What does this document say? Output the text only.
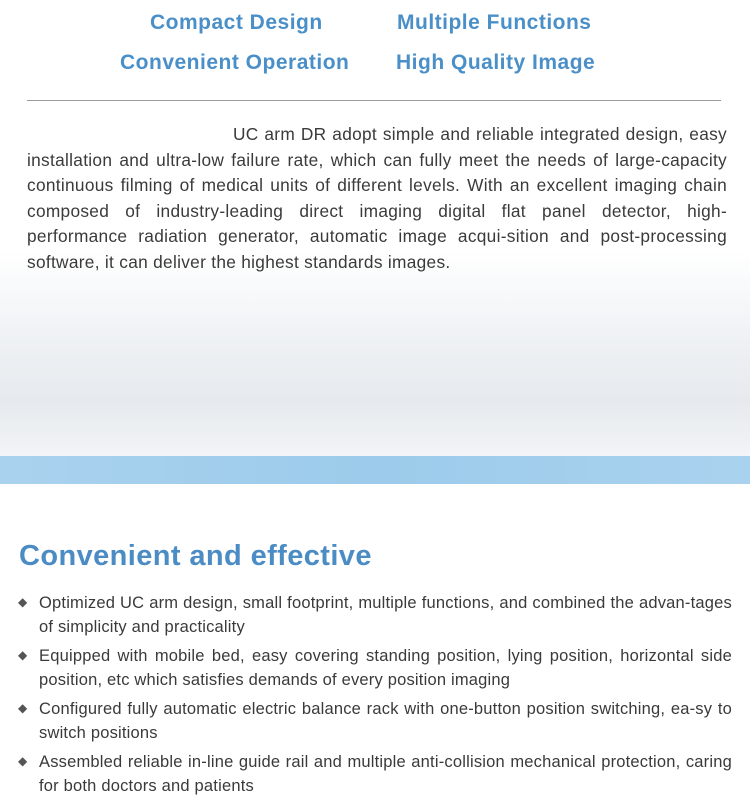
Compact Design	Multiple Functions
Convenient Operation High Quality Image
UC arm DR adopt simple and reliable integrated design, easy installation and ultra-low failure rate, which can fully meet the needs of large-capacity continuous filming of medical units of different levels. With an excellent imaging chain composed of industry-leading direct imaging digital flat panel detector, high-performance radiation generator, automatic image acqui-sition and post-processing software, it can deliver the highest standards images.
Convenient and effective
◆ Optimized UC arm design, small footprint, multiple functions, and combined the advan-tages of simplicity and practicality
◆ Equipped with mobile bed, easy covering standing position, lying position, horizontal side position, etc which satisfies demands of every position imaging
◆ Configured fully automatic electric balance rack with one-button position switching, ea-sy to switch positions
◆ Assembled reliable in-line guide rail and multiple anti-collision mechanical protection, caring for both doctors and patients
